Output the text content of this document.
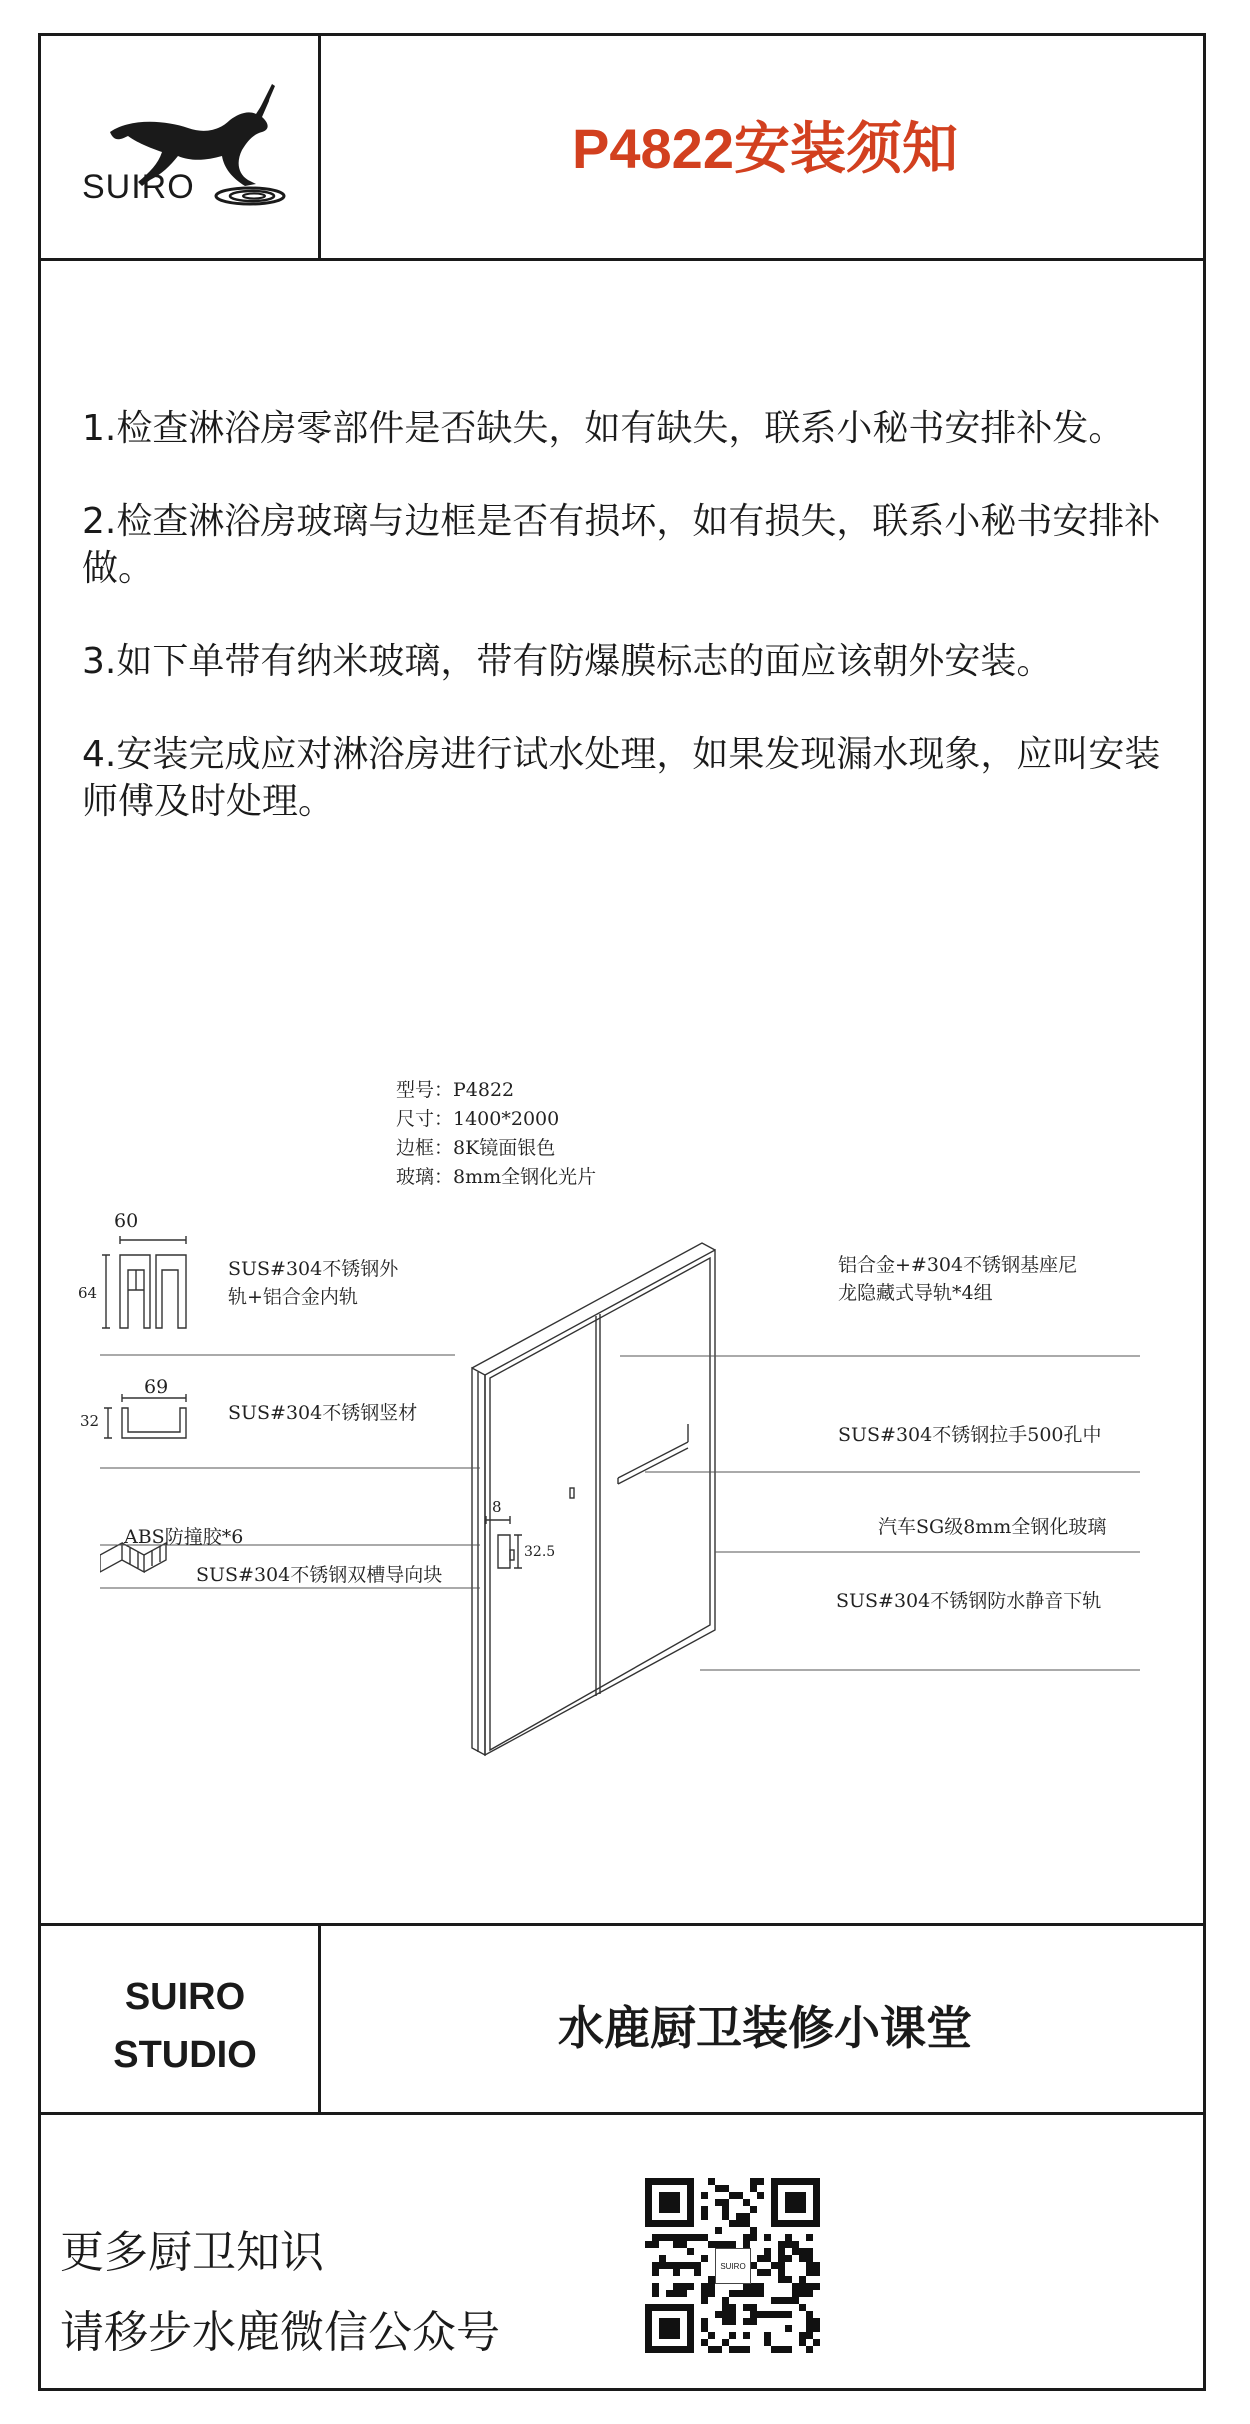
SUIRO
P4822安装须知

1.检查淋浴房零部件是否缺失，如有缺失，联系小秘书安排补发。

2.检查淋浴房玻璃与边框是否有损坏，如有损失，联系小秘书安排补做。

3.如下单带有纳米玻璃，带有防爆膜标志的面应该朝外安装。

4.安装完成应对淋浴房进行试水处理，如果发现漏水现象，应叫安装师傅及时处理。

型号：P4822
尺寸：1400*2000
边框：8K镜面银色
玻璃：8mm全钢化光片
60
64
69
32
8
32.5
SUS#304不锈钢外
轨+铝合金内轨
SUS#304不锈钢竖材
ABS防撞胶*6
SUS#304不锈钢双槽导向块
铝合金+#304不锈钢基座尼
龙隐藏式导轨*4组
SUS#304不锈钢拉手500孔中
汽车SG级8mm全钢化玻璃
SUS#304不锈钢防水静音下轨
SUIRO
STUDIO	水鹿厨卫装修小课堂
更多厨卫知识
请移步水鹿微信公众号
SUIRO
